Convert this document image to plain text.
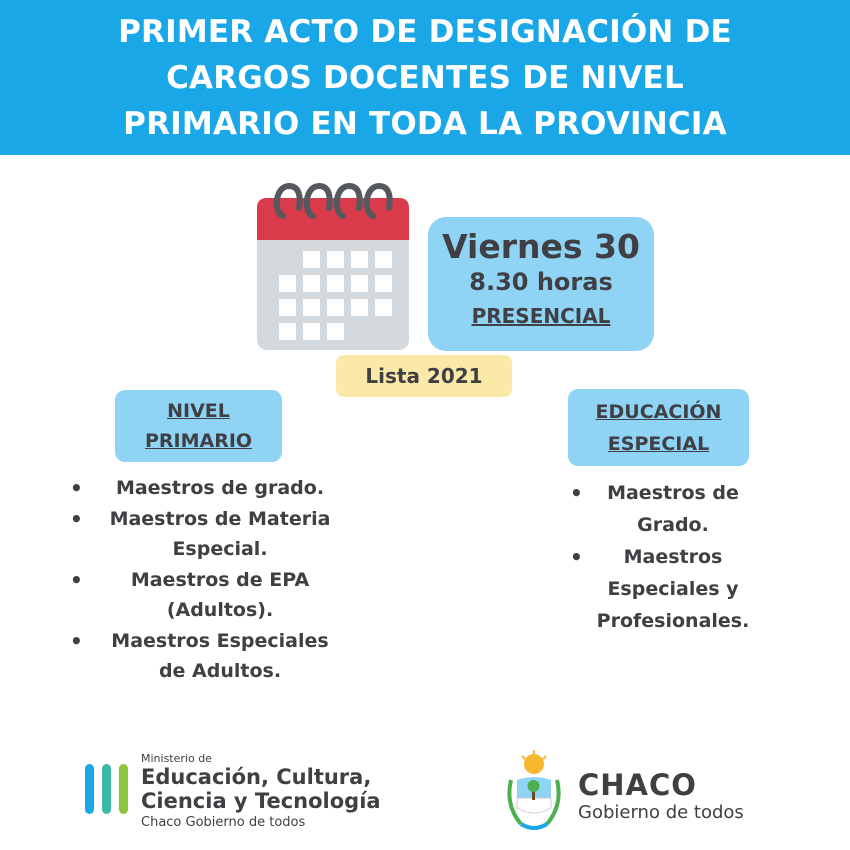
PRIMER ACTO DE DESIGNACIÓN DE
CARGOS DOCENTES DE NIVEL
PRIMARIO EN TODA LA PROVINCIA
Viernes 30
8.30 horas
PRESENCIAL
Lista 2021
NIVEL
PRIMARIO
• Maestros de grado.
• Maestros de Materia Especial.
• Maestros de EPA (Adultos).
• Maestros Especiales de Adultos.
EDUCACIÓN
ESPECIAL
• Maestros de Grado.
• Maestros Especiales y Profesionales.
Ministerio de
Educación, Cultura,
Ciencia y Tecnología
Chaco Gobierno de todos
CHACO
Gobierno de todos
